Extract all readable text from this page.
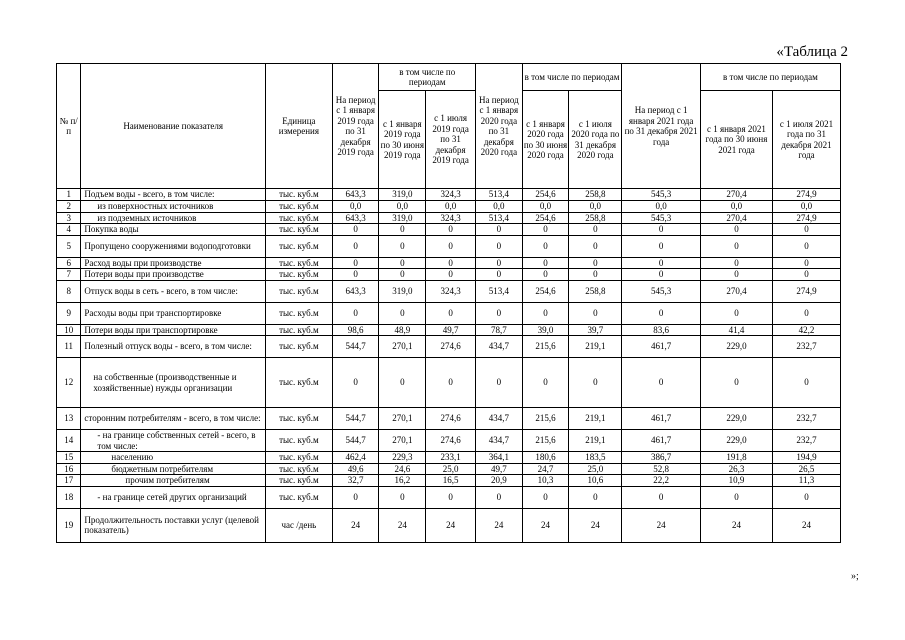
«Таблица 2
№ п/п	Наименование показателя	Единица измерения	На период с 1 января 2019 года по 31 декабря 2019 года	в том числе по периодам		На период с 1 января 2020 года по 31 декабря 2020 года	в том числе по периодам		На период с 1 января 2021 года по 31 декабря 2021 года	в том числе по периодам	
				с 1 января 2019 года по 30 июня 2019 года	с 1 июля 2019 года по 31 декабря 2019 года		с 1 января 2020 года по 30 июня 2020 года	с 1 июля 2020 года по 31 декабря 2020 года		с 1 января 2021 года по 30 июня 2021 года	с 1 июля 2021 года по 31 декабря 2021 года
1	Подъем воды - всего, в том числе:	тыс. куб.м	643,3	319,0	324,3	513,4	254,6	258,8	545,3	270,4	274,9
2	из поверхностных источников	тыс. куб.м	0,0	0,0	0,0	0,0	0,0	0,0	0,0	0,0	0,0
3	из подземных источников	тыс. куб.м	643,3	319,0	324,3	513,4	254,6	258,8	545,3	270,4	274,9
4	Покупка воды	тыс. куб.м	0	0	0	0	0	0	0	0	0
5	Пропущено сооружениями водоподготовки	тыс. куб.м	0	0	0	0	0	0	0	0	0
6	Расход воды при производстве	тыс. куб.м	0	0	0	0	0	0	0	0	0
7	Потери воды при производстве	тыс. куб.м	0	0	0	0	0	0	0	0	0
8	Отпуск воды в сеть - всего, в том числе:	тыс. куб.м	643,3	319,0	324,3	513,4	254,6	258,8	545,3	270,4	274,9
9	Расходы воды при транспортировке	тыс. куб.м	0	0	0	0	0	0	0	0	0
10	Потери воды при транспортировке	тыс. куб.м	98,6	48,9	49,7	78,7	39,0	39,7	83,6	41,4	42,2
11	Полезный отпуск воды - всего, в том числе:	тыс. куб.м	544,7	270,1	274,6	434,7	215,6	219,1	461,7	229,0	232,7
12	на собственные (производственные и хозяйственные) нужды организации	тыс. куб.м	0	0	0	0	0	0	0	0	0
13	сторонним потребителям - всего, в том числе:	тыс. куб.м	544,7	270,1	274,6	434,7	215,6	219,1	461,7	229,0	232,7
14	- на границе собственных сетей - всего, в том числе:	тыс. куб.м	544,7	270,1	274,6	434,7	215,6	219,1	461,7	229,0	232,7
15	населению	тыс. куб.м	462,4	229,3	233,1	364,1	180,6	183,5	386,7	191,8	194,9
16	бюджетным потребителям	тыс. куб.м	49,6	24,6	25,0	49,7	24,7	25,0	52,8	26,3	26,5
17	прочим потребителям	тыс. куб.м	32,7	16,2	16,5	20,9	10,3	10,6	22,2	10,9	11,3
18	- на границе сетей других организаций	тыс. куб.м	0	0	0	0	0	0	0	0	0
19	Продолжительность поставки услуг (целевой показатель)	час /день	24	24	24	24	24	24	24	24	24
»;
